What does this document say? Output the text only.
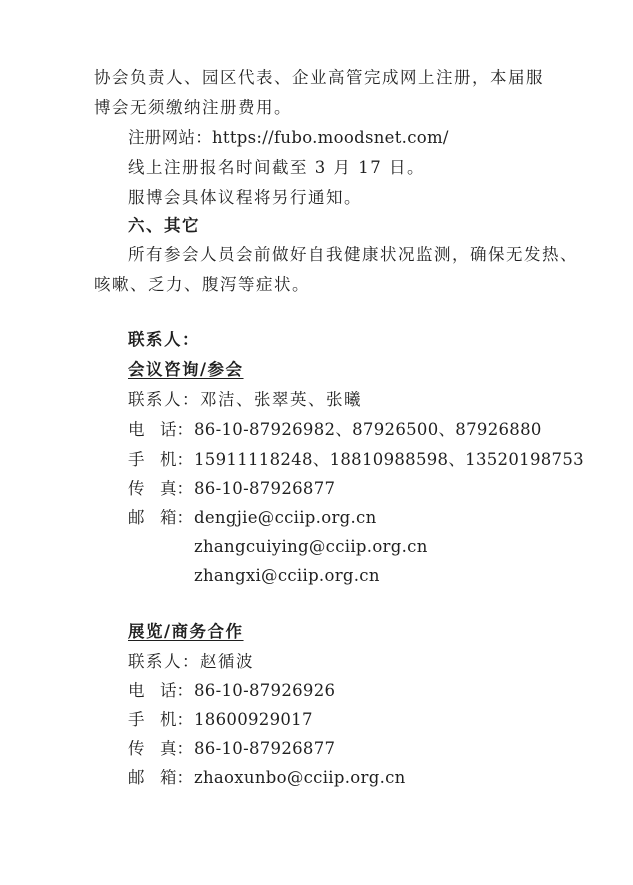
协会负责人、园区代表、企业高管完成网上注册，本届服
博会无须缴纳注册费用。
注册网站：https://fubo.moodsnet.com/
线上注册报名时间截至 3 月 17 日。
服博会具体议程将另行通知。
六、其它
所有参会人员会前做好自我健康状况监测，确保无发热、
咳嗽、乏力、腹泻等症状。
联系人：
会议咨询/参会
联系人：邓洁、张翠英、张曦
电 话： 86-10-87926982、87926500、87926880
手 机： 15911118248、18810988598、13520198753
传 真： 86-10-87926877
邮 箱： dengjie@cciip.org.cn
zhangcuiying@cciip.org.cn
zhangxi@cciip.org.cn
展览/商务合作
联系人：赵循波
电 话： 86-10-87926926
手 机： 18600929017
传 真： 86-10-87926877
邮 箱： zhaoxunbo@cciip.org.cn
